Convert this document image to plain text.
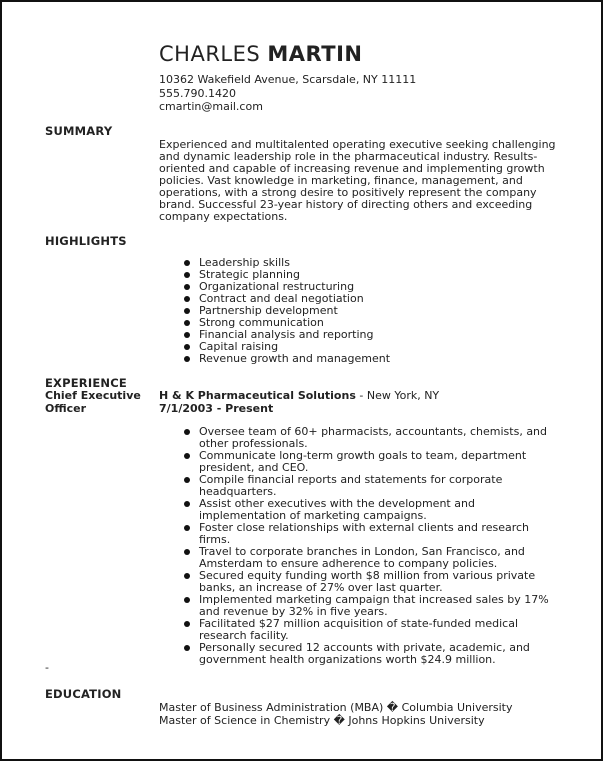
CHARLES MARTIN
10362 Wakefield Avenue, Scarsdale, NY 11111
555.790.1420
cmartin@mail.com
SUMMARY
Experienced and multitalented operating executive seeking challenging and dynamic leadership role in the pharmaceutical industry. Results-oriented and capable of increasing revenue and implementing growth policies. Vast knowledge in marketing, finance, management, and operations, with a strong desire to positively represent the company brand. Successful 23-year history of directing others and exceeding company expectations.
HIGHLIGHTS
Leadership skills
Strategic planning
Organizational restructuring
Contract and deal negotiation
Partnership development
Strong communication
Financial analysis and reporting
Capital raising
Revenue growth and management
EXPERIENCE
Chief Executive Officer
H & K Pharmaceutical Solutions - New York, NY
7/1/2003 - Present
Oversee team of 60+ pharmacists, accountants, chemists, and other professionals.
Communicate long-term growth goals to team, department president, and CEO.
Compile financial reports and statements for corporate headquarters.
Assist other executives with the development and implementation of marketing campaigns.
Foster close relationships with external clients and research firms.
Travel to corporate branches in London, San Francisco, and Amsterdam to ensure adherence to company policies.
Secured equity funding worth $8 million from various private banks, an increase of 27% over last quarter.
Implemented marketing campaign that increased sales by 17% and revenue by 32% in five years.
Facilitated $27 million acquisition of state-funded medical research facility.
Personally secured 12 accounts with private, academic, and government health organizations worth $24.9 million.
-
EDUCATION
Master of Business Administration (MBA) � Columbia University
Master of Science in Chemistry � Johns Hopkins University
